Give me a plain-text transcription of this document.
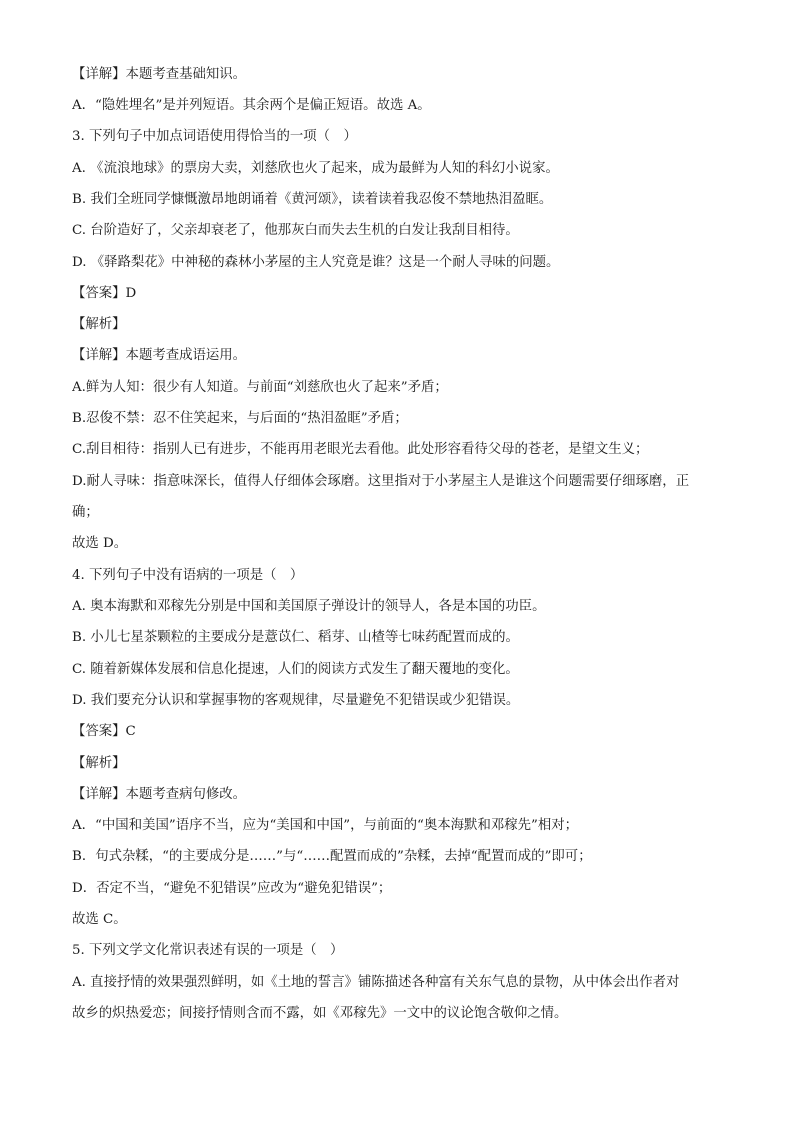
【详解】本题考查基础知识。
A．“隐姓埋名”是并列短语。其余两个是偏正短语。故选 A。
3. 下列句子中加点词语使用得恰当的一项（　）
A. 《流浪地球》的票房大卖，刘慈欣也火了起来，成为最鲜为人知的科幻小说家。
B. 我们全班同学慷慨激昂地朗诵着《黄河颂》，读着读着我忍俊不禁地热泪盈眶。
C. 台阶造好了，父亲却衰老了，他那灰白而失去生机的白发让我刮目相待。
D. 《驿路梨花》中神秘的森林小茅屋的主人究竟是谁？这是一个耐人寻味的问题。
【答案】D
【解析】
【详解】本题考查成语运用。
A.鲜为人知：很少有人知道。与前面“刘慈欣也火了起来”矛盾；
B.忍俊不禁：忍不住笑起来，与后面的“热泪盈眶”矛盾；
C.刮目相待：指别人已有进步，不能再用老眼光去看他。此处形容看待父母的苍老，是望文生义；
D.耐人寻味：指意味深长，值得人仔细体会琢磨。这里指对于小茅屋主人是谁这个问题需要仔细琢磨，正
确；
故选 D。
4. 下列句子中没有语病的一项是（　）
A. 奥本海默和邓稼先分别是中国和美国原子弹设计的领导人，各是本国的功臣。
B. 小儿七星茶颗粒的主要成分是薏苡仁、稻芽、山楂等七味药配置而成的。
C. 随着新媒体发展和信息化提速，人们的阅读方式发生了翻天覆地的变化。
D. 我们要充分认识和掌握事物的客观规律，尽量避免不犯错误或少犯错误。
【答案】C
【解析】
【详解】本题考查病句修改。
A．“中国和美国”语序不当，应为“美国和中国”，与前面的“奥本海默和邓稼先”相对；
B．句式杂糅，“的主要成分是……”与“……配置而成的”杂糅，去掉“配置而成的”即可；
D．否定不当，“避免不犯错误”应改为“避免犯错误”；
故选 C。
5. 下列文学文化常识表述有误的一项是（　）
A. 直接抒情的效果强烈鲜明，如《土地的誓言》铺陈描述各种富有关东气息的景物，从中体会出作者对
故乡的炽热爱恋；间接抒情则含而不露，如《邓稼先》一文中的议论饱含敬仰之情。
